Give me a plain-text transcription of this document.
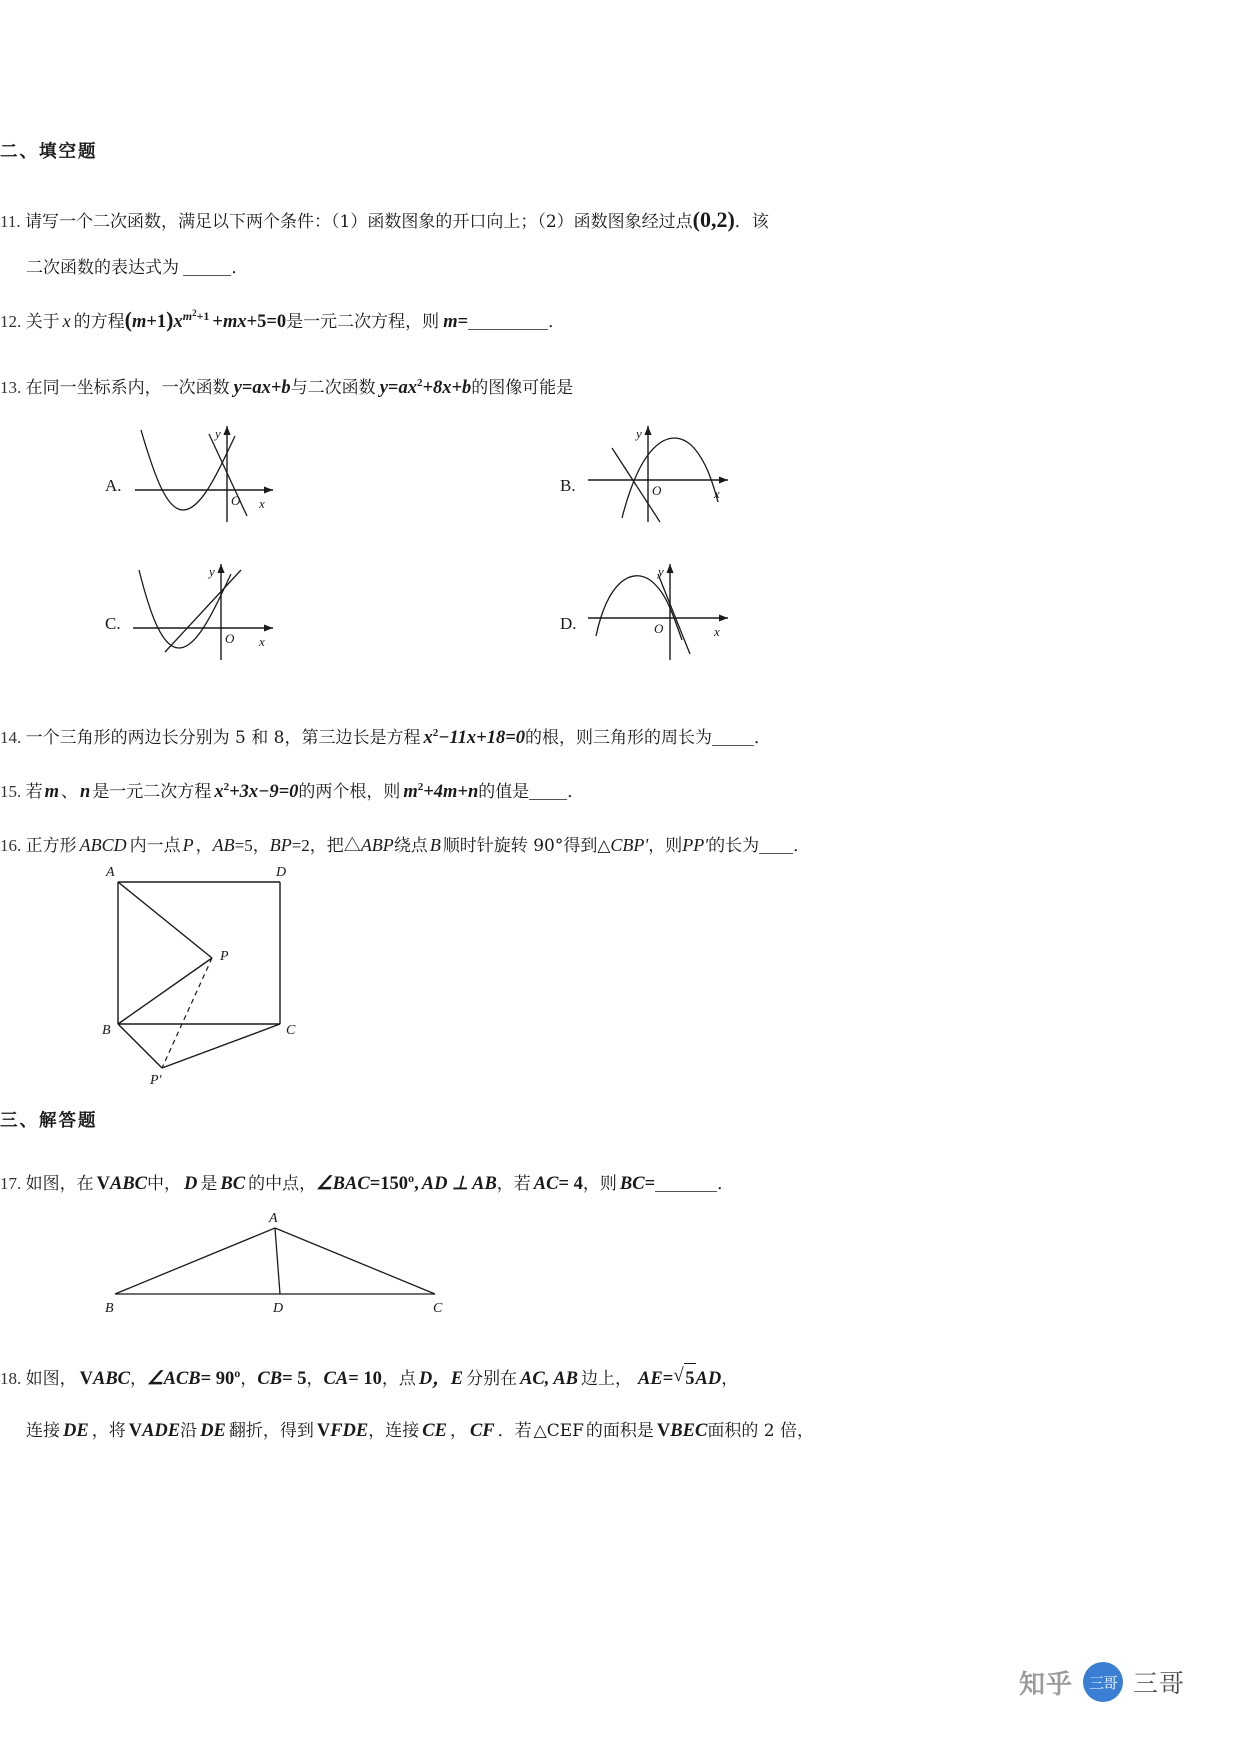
二、填空题
11. 请写一个二次函数，满足以下两个条件：（1）函数图象的开口向上；（2）函数图象经过点(0,2)．该
二次函数的表达式为	．
12. 关于 x 的方程$(m+1)x^{m^2+1} +mx+5=0$是一元二次方程，则 m=	．
13. 在同一坐标系内，一次函数 y=ax+b与二次函数 $y=ax^2+8x+b$的图像可能是
A.
y
O x
B.
y
O	x
C.
y
O x
D.
y
O	x
14. 一个三角形的两边长分别为 5 和 8，第三边长是方程 $x^2-11x+18=0$的根，则三角形的周长为 ．
15. 若 m 、 n 是一元二次方程 $x^2+3x-9=0$的两个根，则 $m^2+4m+n$的值是 ．
16. 正方形 ABCD 内一点 P ，AB=5，BP=2，把△ABP绕点 B 顺时针旋转 90°得到△CBP'，则PP'的长为 ．
A	D
P
B	C
P'
三、解答题
17. 如图，在 VABC中， D 是 BC 的中点，∠BAC=150º, AD ⊥ AB，若 AC= 4，则 BC=	．
A
B	D	C
18. 如图， VABC，∠ACB= 90º，CB= 5，CA= 10，点 D，E 分别在 AC, AB 边上， AE= √ 5AD，
连接 DE ，将 VADE沿 DE 翻折，得到 VFDE，连接 CE ， CF ．若 △CEF 的面积是 VBEC面积的 2 倍，
知乎	三哥 三哥
